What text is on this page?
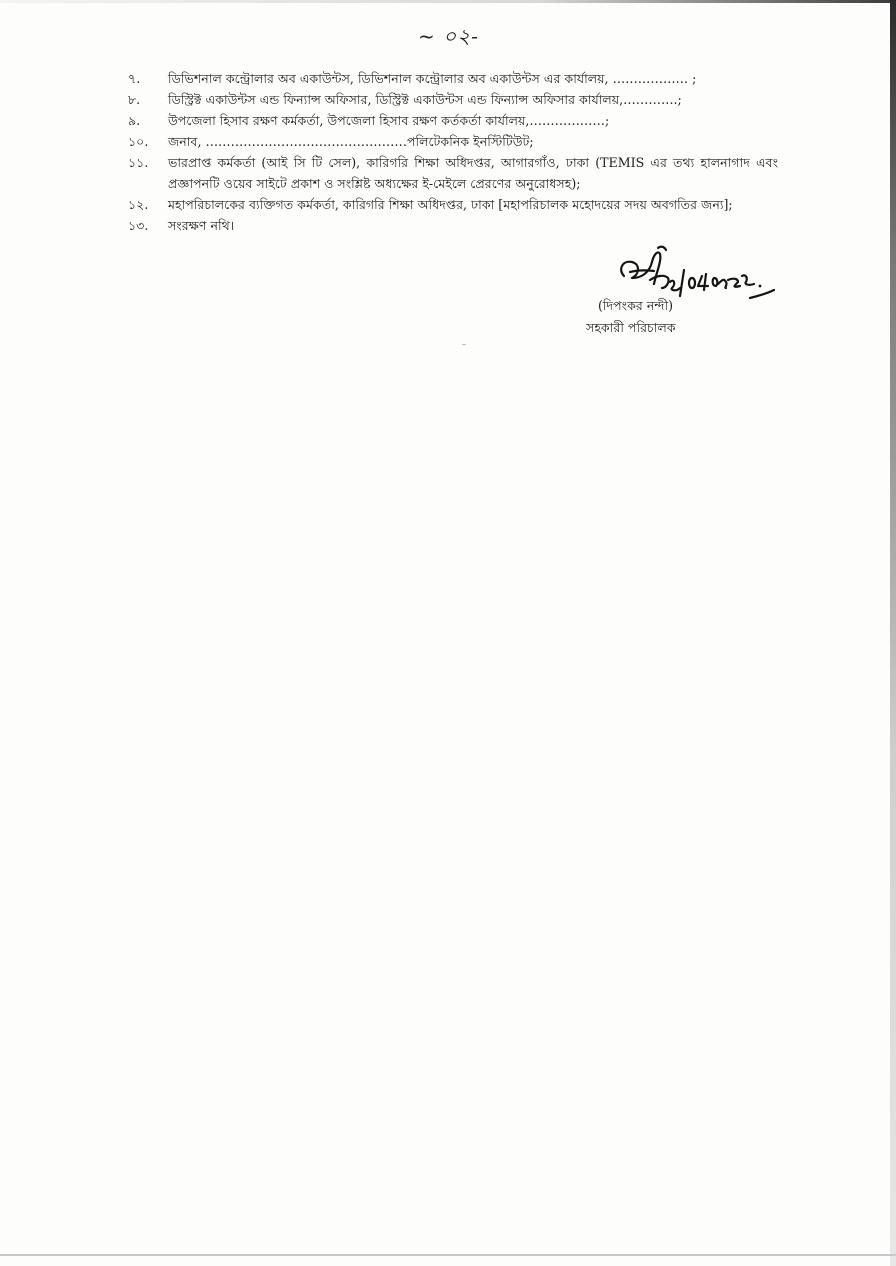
~ ০২-
৭.	ডিভিশনাল কন্ট্রোলার অব একাউন্টস, ডিভিশনাল কন্ট্রোলার অব একাউন্টস এর কার্যালয়, ……………… ;
৮.	ডিস্ট্রিক্ট একাউন্টস এন্ড ফিন্যান্স অফিসার, ডিস্ট্রিক্ট একাউন্টস এন্ড ফিন্যান্স অফিসার কার্যালয়,………….;
৯.	উপজেলা হিসাব রক্ষণ কর্মকর্তা, উপজেলা হিসাব রক্ষণ কর্তকর্তা কার্যালয়,………………;
১০.	জনাব, …………………………………………পলিটেকনিক ইনস্টিটিউট;
১১.	ভারপ্রাপ্ত কর্মকর্তা (আই সি টি সেল), কারিগরি শিক্ষা অধিদপ্তর, আগারগাঁও, ঢাকা (TEMIS এর তথ্য হালনাগাদ এবং প্রজ্ঞাপনটি ওয়েব সাইটে প্রকাশ ও সংশ্লিষ্ট অধ্যক্ষের ই-মেইলে প্রেরণের অনুরোধসহ);
১২.	মহাপরিচালকের ব্যক্তিগত কর্মকর্তা, কারিগরি শিক্ষা অধিদপ্তর, ঢাকা [মহাপরিচালক মহোদয়ের সদয় অবগতির জন্য];
১৩.	সংরক্ষণ নথি।
(দিপংকর নন্দী)
সহকারী পরিচালক
